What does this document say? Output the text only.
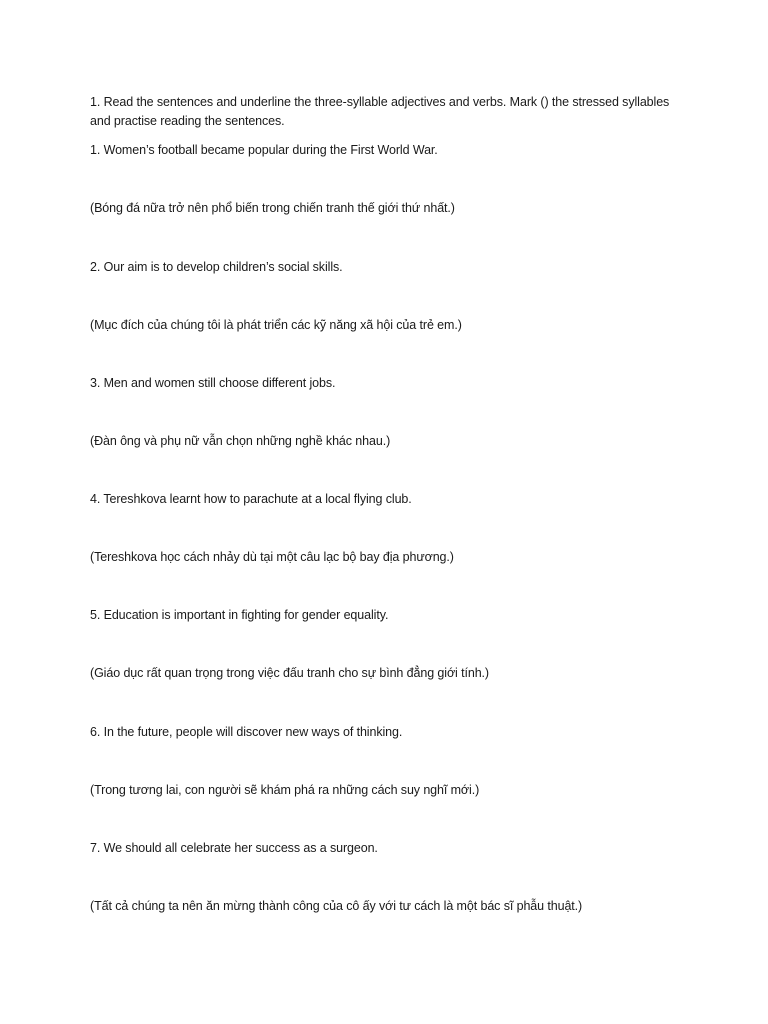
1. Read the sentences and underline the three-syllable adjectives and verbs. Mark () the stressed syllables and practise reading the sentences.
1. Women’s football became popular during the First World War.
(Bóng đá nữa trở nên phổ biến trong chiến tranh thế giới thứ nhất.)
2. Our aim is to develop children’s social skills.
(Mục đích của chúng tôi là phát triển các kỹ năng xã hội của trẻ em.)
3. Men and women still choose different jobs.
(Đàn ông và phụ nữ vẫn chọn những nghề khác nhau.)
4. Tereshkova learnt how to parachute at a local flying club.
(Tereshkova học cách nhảy dù tại một câu lạc bộ bay địa phương.)
5. Education is important in fighting for gender equality.
(Giáo dục rất quan trọng trong việc đấu tranh cho sự bình đẳng giới tính.)
6. In the future, people will discover new ways of thinking.
(Trong tương lai, con người sẽ khám phá ra những cách suy nghĩ mới.)
7. We should all celebrate her success as a surgeon.
(Tất cả chúng ta nên ăn mừng thành công của cô ấy với tư cách là một bác sĩ phẫu thuật.)
